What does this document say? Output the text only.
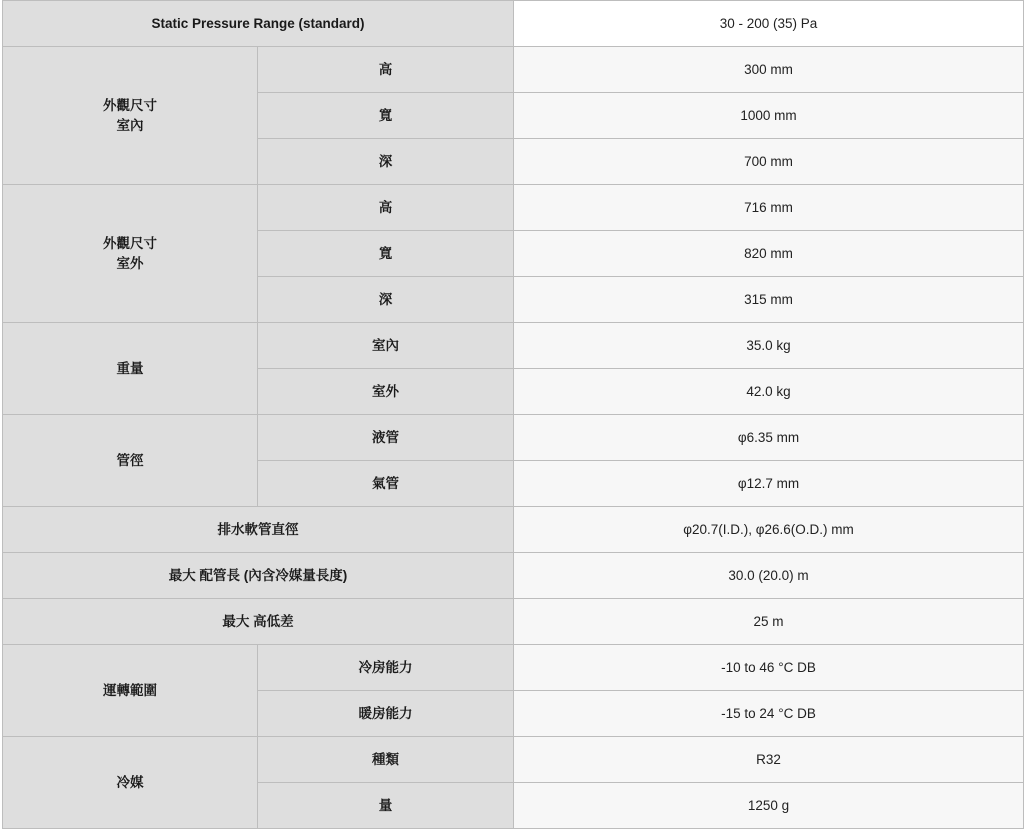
Static Pressure Range (standard)		30 - 200 (35) Pa

外觀尺寸
室內	高	300 mm
	寬	1000 mm
	深	700 mm

外觀尺寸
室外	高	716 mm
	寬	820 mm
	深	315 mm
重量	室內	35.0 kg
	室外	42.0 kg
管徑	液管	φ6.35 mm
	氣管	φ12.7 mm
排水軟管直徑		φ20.7(I.D.), φ26.6(O.D.) mm
最大 配管長 (內含冷媒量長度)		30.0 (20.0) m
最大 高低差		25 m
運轉範圍	冷房能力	-10 to 46 °C DB
	暖房能力	-15 to 24 °C DB
冷媒	種類	R32
	量	1250 g
